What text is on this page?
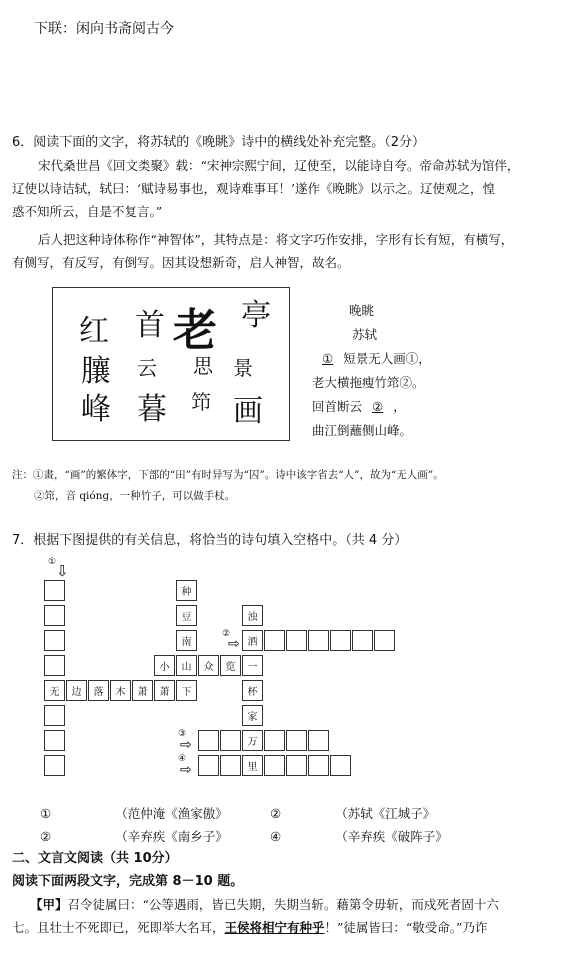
下联：闲向书斋阅古今
6．阅读下面的文字，将苏轼的《晚眺》诗中的横线处补充完整。（2分）
宋代桑世昌《回文类聚》载：“宋神宗熙宁间，辽使至，以能诗自夸。帝命苏轼为馆伴，
辽使以诗诘轼，轼曰：‘赋诗易事也，观诗难事耳！’遂作《晚眺》以示之。辽使观之，惶
惑不知所云，自是不复言。”
后人把这种诗体称作“神智体”，其特点是：将文字巧作安排，字形有长有短，有横写，
有侧写，有反写，有倒写。因其设想新奇，启人神智，故名。
亭
老
首
红
景
思
云
䑋
画
笻
暮
峰
晚眺
苏轼
① 短景无人画①，
老大横拖瘦竹筇②。
回首断云 ② ，
曲江倒蘸侧山峰。
注：①畫，“画”的繁体字，下部的“田”有时异写为“囚”。诗中该字省去“人”，故为“无人画”。
②筇，音 qióng，一种竹子，可以做手杖。
7．根据下图提供的有关信息，将恰当的诗句填入空格中。（共 4 分）
① ⇩
无	边	落	木	萧	萧	下
种
豆
南
小	山	众	览
浊
酒
一
杯
家
万
里
②
⇨
③
⇨
④
⇨
①	（范仲淹《渔家傲》	②	（苏轼《江城子》
②	（辛弃疾《南乡子》	④	（辛弃疾《破阵子》
二、文言文阅读（共 10分）
阅读下面两段文字，完成第 8－10 题。
【甲】召令徒属曰：“公等遇雨，皆已失期，失期当斩。藉第令毋斩，而戍死者固十六
七。且壮士不死即已，死即举大名耳，王侯将相宁有种乎！”徒属皆曰：“敬受命。”乃诈
